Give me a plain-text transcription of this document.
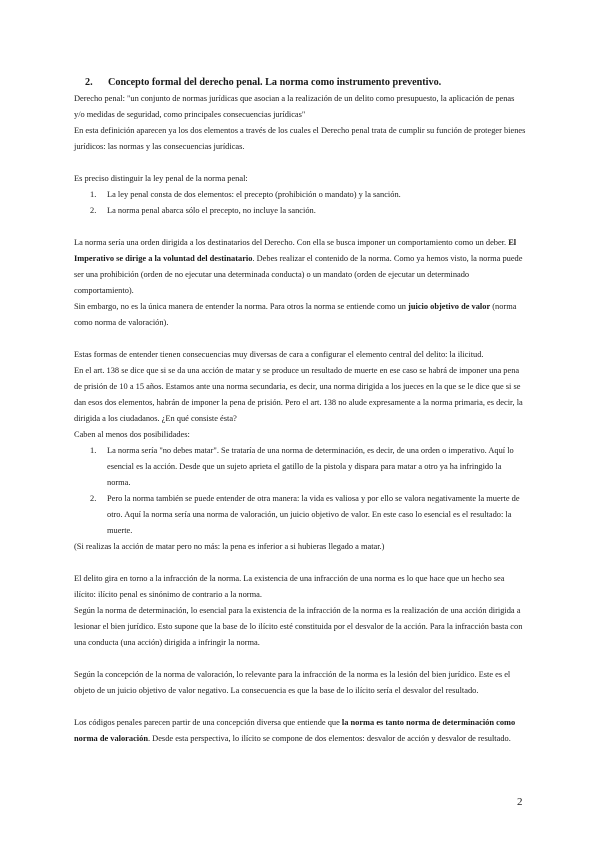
2. Concepto formal del derecho penal. La norma como instrumento preventivo.

Derecho penal: "un conjunto de normas jurídicas que asocian a la realización de un delito como presupuesto, la aplicación de penas y/o medidas de seguridad, como principales consecuencias jurídicas"

En esta definición aparecen ya los dos elementos a través de los cuales el Derecho penal trata de cumplir su función de proteger bienes jurídicos: las normas y las consecuencias jurídicas.

Es preciso distinguir la ley penal de la norma penal:

1. La ley penal consta de dos elementos: el precepto (prohibición o mandato) y la sanción.
2. La norma penal abarca sólo el precepto, no incluye la sanción.

La norma sería una orden dirigida a los destinatarios del Derecho. Con ella se busca imponer un comportamiento como un deber. El Imperativo se dirige a la voluntad del destinatario. Debes realizar el contenido de la norma. Como ya hemos visto, la norma puede ser una prohibición (orden de no ejecutar una determinada conducta) o un mandato (orden de ejecutar un determinado comportamiento).

Sin embargo, no es la única manera de entender la norma. Para otros la norma se entiende como un juicio objetivo de valor (norma como norma de valoración).

Estas formas de entender tienen consecuencias muy diversas de cara a configurar el elemento central del delito: la ilicitud.

En el art. 138 se dice que si se da una acción de matar y se produce un resultado de muerte en ese caso se habrá de imponer una pena de prisión de 10 a 15 años. Estamos ante una norma secundaria, es decir, una norma dirigida a los jueces en la que se le dice que si se dan esos dos elementos, habrán de imponer la pena de prisión. Pero el art. 138 no alude expresamente a la norma primaria, es decir, la dirigida a los ciudadanos. ¿En qué consiste ésta?

Caben al menos dos posibilidades:

1. La norma sería "no debes matar". Se trataría de una norma de determinación, es decir, de una orden o imperativo. Aquí lo esencial es la acción. Desde que un sujeto aprieta el gatillo de la pistola y dispara para matar a otro ya ha infringido la norma.
2. Pero la norma también se puede entender de otra manera: la vida es valiosa y por ello se valora negativamente la muerte de otro. Aquí la norma sería una norma de valoración, un juicio objetivo de valor. En este caso lo esencial es el resultado: la muerte.

(Si realizas la acción de matar pero no más: la pena es inferior a si hubieras llegado a matar.)

El delito gira en torno a la infracción de la norma. La existencia de una infracción de una norma es lo que hace que un hecho sea ilícito: ilícito penal es sinónimo de contrario a la norma.

Según la norma de determinación, lo esencial para la existencia de la infracción de la norma es la realización de una acción dirigida a lesionar el bien jurídico. Esto supone que la base de lo ilícito esté constituida por el desvalor de la acción. Para la infracción basta con una conducta (una acción) dirigida a infringir la norma.

Según la concepción de la norma de valoración, lo relevante para la infracción de la norma es la lesión del bien jurídico. Este es el objeto de un juicio objetivo de valor negativo. La consecuencia es que la base de lo ilícito sería el desvalor del resultado.

Los códigos penales parecen partir de una concepción diversa que entiende que la norma es tanto norma de determinación como norma de valoración. Desde esta perspectiva, lo ilícito se compone de dos elementos: desvalor de acción y desvalor de resultado.

2
